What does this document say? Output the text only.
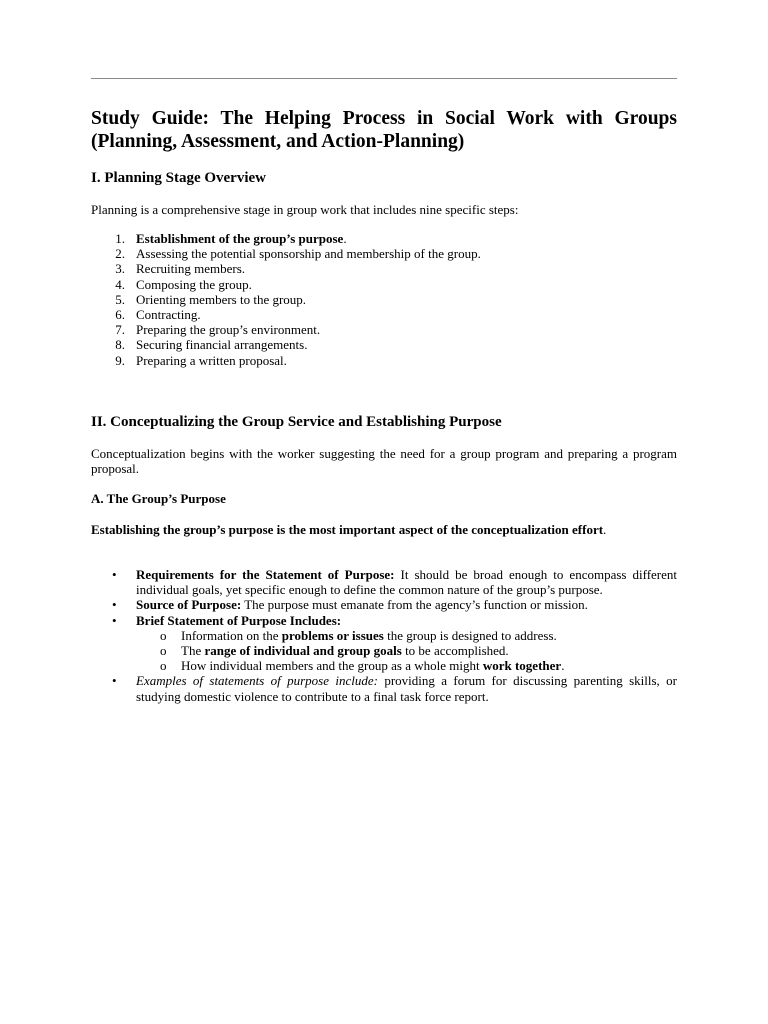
Study Guide: The Helping Process in Social Work with Groups (Planning, Assessment, and Action-Planning)
I. Planning Stage Overview

Planning is a comprehensive stage in group work that includes nine specific steps:

1. Establishment of the group’s purpose.
2. Assessing the potential sponsorship and membership of the group.
3. Recruiting members.
4. Composing the group.
5. Orienting members to the group.
6. Contracting.
7. Preparing the group’s environment.
8. Securing financial arrangements.
9. Preparing a written proposal.
II. Conceptualizing the Group Service and Establishing Purpose

Conceptualization begins with the worker suggesting the need for a group program and preparing a program proposal.

A. The Group’s Purpose

Establishing the group’s purpose is the most important aspect of the conceptualization effort.

• Requirements for the Statement of Purpose: It should be broad enough to encompass different individual goals, yet specific enough to define the common nature of the group’s purpose.
• Source of Purpose: The purpose must emanate from the agency’s function or mission.
• Brief Statement of Purpose Includes:
o Information on the problems or issues the group is designed to address.
o The range of individual and group goals to be accomplished.
o How individual members and the group as a whole might work together.
• Examples of statements of purpose include: providing a forum for discussing parenting skills, or studying domestic violence to contribute to a final task force report.
